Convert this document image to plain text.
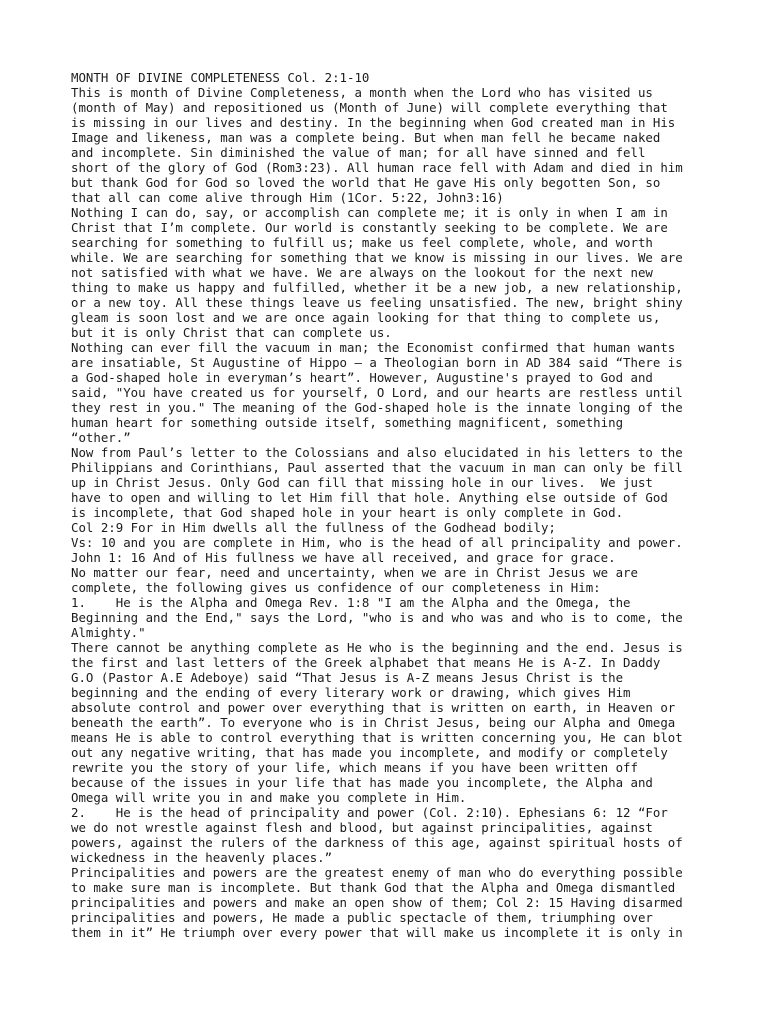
MONTH OF DIVINE COMPLETENESS Col. 2:1-10
This is month of Divine Completeness, a month when the Lord who has visited us
(month of May) and repositioned us (Month of June) will complete everything that
is missing in our lives and destiny. In the beginning when God created man in His
Image and likeness, man was a complete being. But when man fell he became naked
and incomplete. Sin diminished the value of man; for all have sinned and fell
short of the glory of God (Rom3:23). All human race fell with Adam and died in him
but thank God for God so loved the world that He gave His only begotten Son, so
that all can come alive through Him (1Cor. 5:22, John3:16)
Nothing I can do, say, or accomplish can complete me; it is only in when I am in
Christ that I’m complete. Our world is constantly seeking to be complete. We are
searching for something to fulfill us; make us feel complete, whole, and worth
while. We are searching for something that we know is missing in our lives. We are
not satisfied with what we have. We are always on the lookout for the next new
thing to make us happy and fulfilled, whether it be a new job, a new relationship,
or a new toy. All these things leave us feeling unsatisfied. The new, bright shiny
gleam is soon lost and we are once again looking for that thing to complete us,
but it is only Christ that can complete us.
Nothing can ever fill the vacuum in man; the Economist confirmed that human wants
are insatiable, St Augustine of Hippo – a Theologian born in AD 384 said “There is
a God-shaped hole in everyman’s heart”. However, Augustine's prayed to God and
said, "You have created us for yourself, O Lord, and our hearts are restless until
they rest in you." The meaning of the God-shaped hole is the innate longing of the
human heart for something outside itself, something magnificent, something
“other.”
Now from Paul’s letter to the Colossians and also elucidated in his letters to the
Philippians and Corinthians, Paul asserted that the vacuum in man can only be fill
up in Christ Jesus. Only God can fill that missing hole in our lives.  We just
have to open and willing to let Him fill that hole. Anything else outside of God
is incomplete, that God shaped hole in your heart is only complete in God.
Col 2:9 For in Him dwells all the fullness of the Godhead bodily;
Vs: 10 and you are complete in Him, who is the head of all principality and power.
John 1: 16 And of His fullness we have all received, and grace for grace.
No matter our fear, need and uncertainty, when we are in Christ Jesus we are
complete, the following gives us confidence of our completeness in Him:
1.    He is the Alpha and Omega Rev. 1:8 "I am the Alpha and the Omega, the
Beginning and the End," says the Lord, "who is and who was and who is to come, the
Almighty."
There cannot be anything complete as He who is the beginning and the end. Jesus is
the first and last letters of the Greek alphabet that means He is A-Z. In Daddy
G.O (Pastor A.E Adeboye) said “That Jesus is A-Z means Jesus Christ is the
beginning and the ending of every literary work or drawing, which gives Him
absolute control and power over everything that is written on earth, in Heaven or
beneath the earth”. To everyone who is in Christ Jesus, being our Alpha and Omega
means He is able to control everything that is written concerning you, He can blot
out any negative writing, that has made you incomplete, and modify or completely
rewrite you the story of your life, which means if you have been written off
because of the issues in your life that has made you incomplete, the Alpha and
Omega will write you in and make you complete in Him.
2.    He is the head of principality and power (Col. 2:10). Ephesians 6: 12 “For
we do not wrestle against flesh and blood, but against principalities, against
powers, against the rulers of the darkness of this age, against spiritual hosts of
wickedness in the heavenly places.”
Principalities and powers are the greatest enemy of man who do everything possible
to make sure man is incomplete. But thank God that the Alpha and Omega dismantled
principalities and powers and make an open show of them; Col 2: 15 Having disarmed
principalities and powers, He made a public spectacle of them, triumphing over
them in it” He triumph over every power that will make us incomplete it is only in
